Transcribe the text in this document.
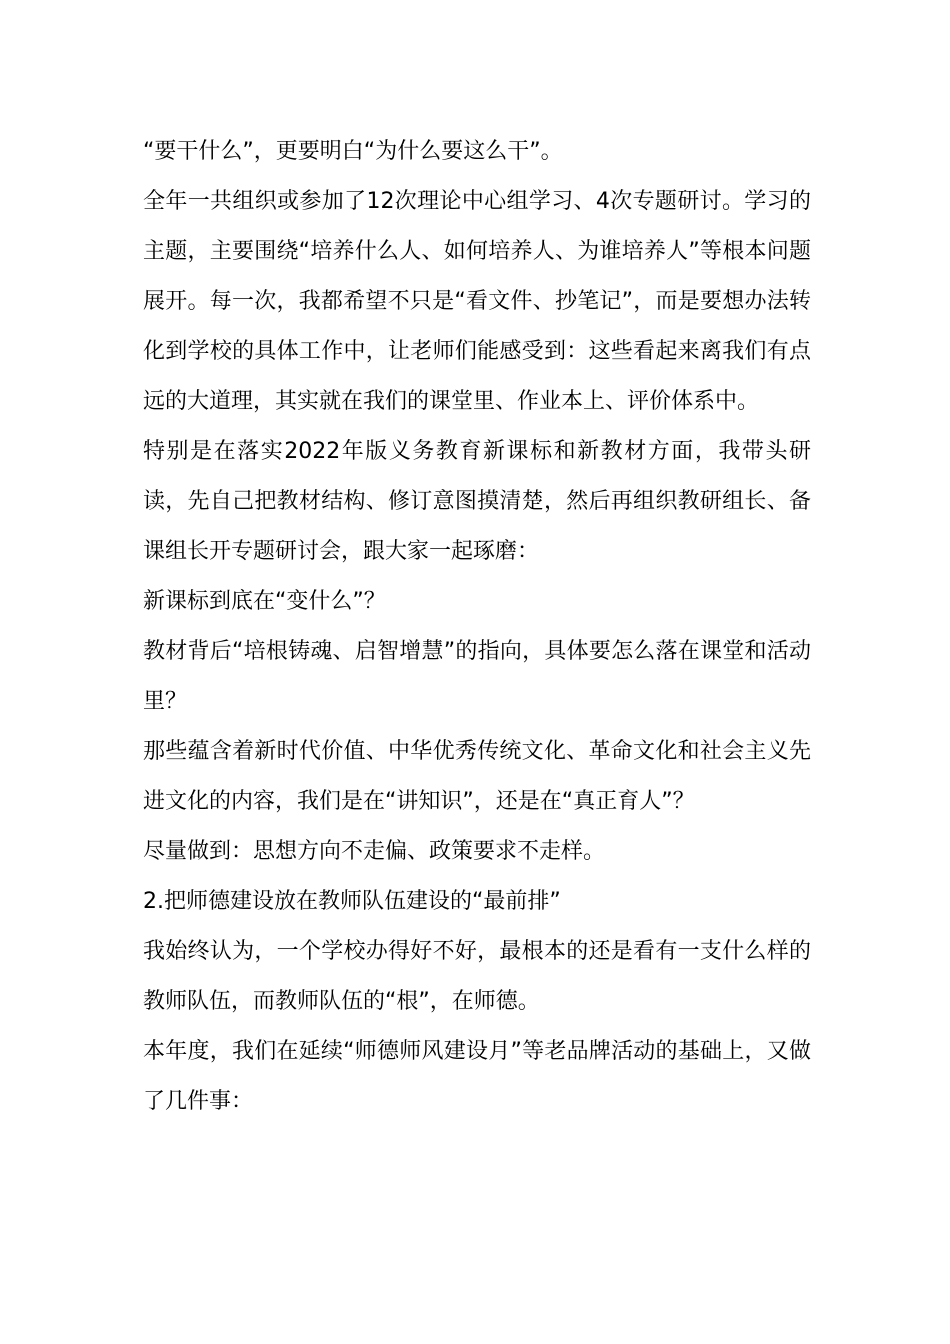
“要干什么”，更要明白“为什么要这么干”。

全年一共组织或参加了12次理论中心组学习、4次专题研讨。学习的主题，主要围绕“培养什么人、如何培养人、为谁培养人”等根本问题展开。每一次，我都希望不只是“看文件、抄笔记”，而是要想办法转化到学校的具体工作中，让老师们能感受到：这些看起来离我们有点远的大道理，其实就在我们的课堂里、作业本上、评价体系中。

特别是在落实2022年版义务教育新课标和新教材方面，我带头研读，先自己把教材结构、修订意图摸清楚，然后再组织教研组长、备课组长开专题研讨会，跟大家一起琢磨：

新课标到底在“变什么”？

教材背后“培根铸魂、启智增慧”的指向，具体要怎么落在课堂和活动里？

那些蕴含着新时代价值、中华优秀传统文化、革命文化和社会主义先进文化的内容，我们是在“讲知识”，还是在“真正育人”？

尽量做到：思想方向不走偏、政策要求不走样。

2.把师德建设放在教师队伍建设的“最前排”

我始终认为，一个学校办得好不好，最根本的还是看有一支什么样的教师队伍，而教师队伍的“根”，在师德。

本年度，我们在延续“师德师风建设月”等老品牌活动的基础上，又做了几件事：
